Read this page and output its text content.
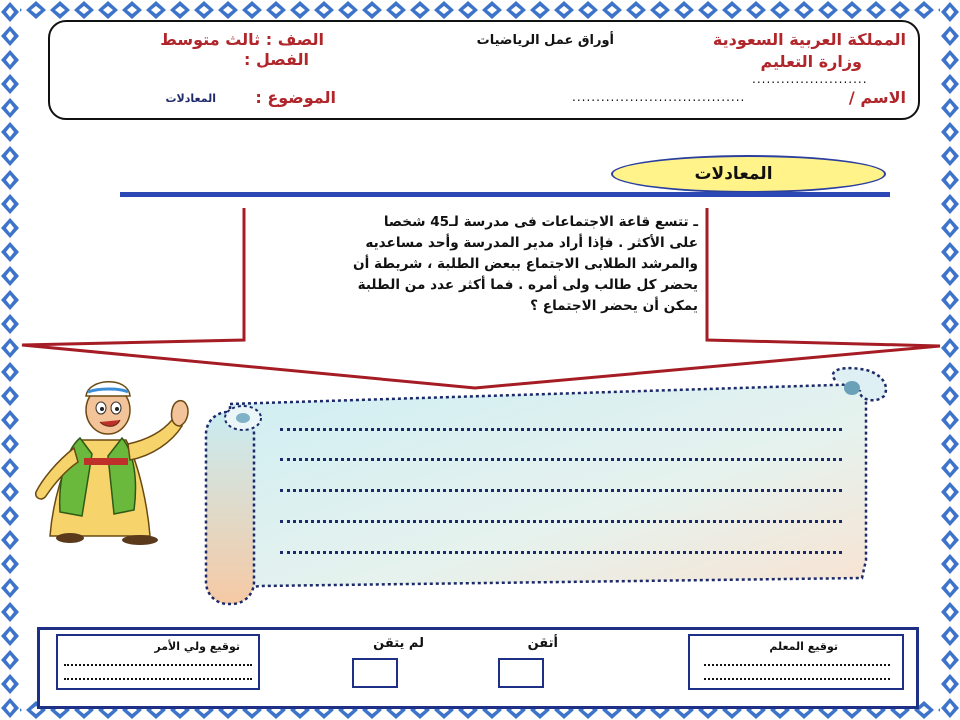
المملكة العربية السعودية
وزارة التعليم
أوراق عمل الرياضيات
الصف : ثالث متوسط
الفصل :
........................
الاسم /
....................................
الموضوع :
المعادلات
المعادلات
ـ تتسع قاعة الاجتماعات فى مدرسة لـ45 شخصا
على الأكثر . فإذا أراد مدير المدرسة وأحد مساعديه
والمرشد الطلابى الاجتماع ببعض الطلبة ، شريطة أن
يحضر كل طالب ولى أمره . فما أكثر عدد من الطلبة
يمكن أن يحضر الاجتماع ؟
توقيع ولي الأمر	توقيع المعلم
لم يتقن	أتقن
